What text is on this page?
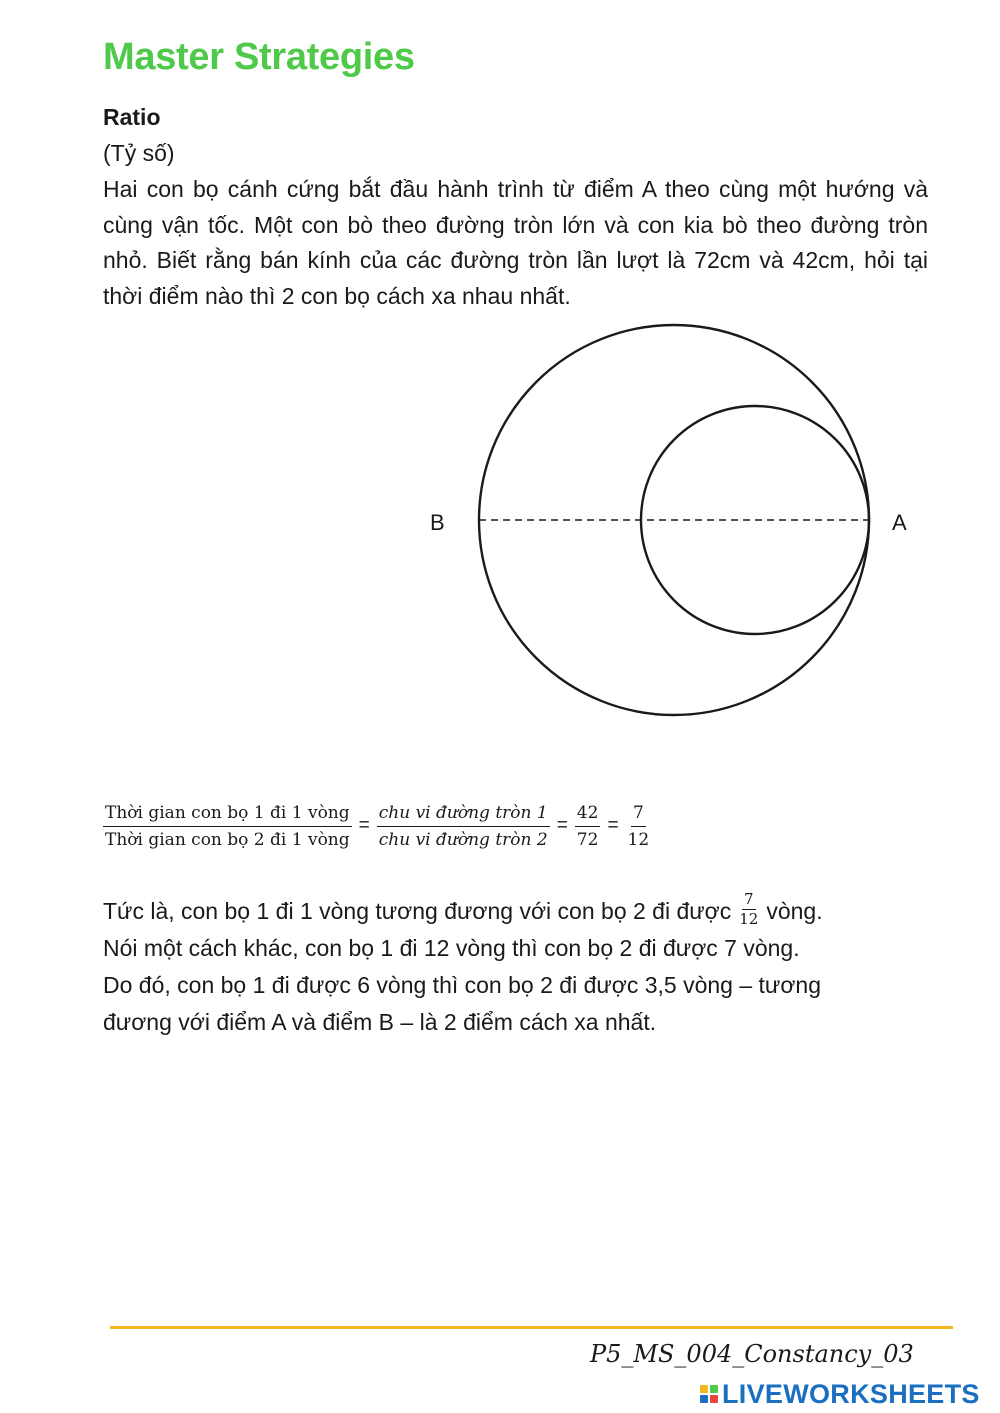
Master Strategies
Ratio
(Tỷ số)
Hai con bọ cánh cứng bắt đầu hành trình từ điểm A theo cùng một hướng và cùng vận tốc. Một con bò theo đường tròn lớn và con kia bò theo đường tròn nhỏ. Biết rằng bán kính của các đường tròn lần lượt là 72cm và 42cm, hỏi tại thời điểm nào thì 2 con bọ cách xa nhau nhất.
B	A
$\frac{\text{Thời gian con bọ 1 đi 1 vòng}}{\text{Thời gian con bọ 2 đi 1 vòng}} = \frac{\text{chu vi đường tròn 1}}{\text{chu vi đường tròn 2}} = \frac{42}{72} = \frac{7}{12}$
Tức là, con bọ 1 đi 1 vòng tương đương với con bọ 2 đi được $\frac{7}{12}$ vòng.
Nói một cách khác, con bọ 1 đi 12 vòng thì con bọ 2 đi được 7 vòng.
Do đó, con bọ 1 đi được 6 vòng thì con bọ 2 đi được 3,5 vòng – tương
đương với điểm A và điểm B – là 2 điểm cách xa nhất.
P5_MS_004_Constancy_03
LIVEWORKSHEETS
